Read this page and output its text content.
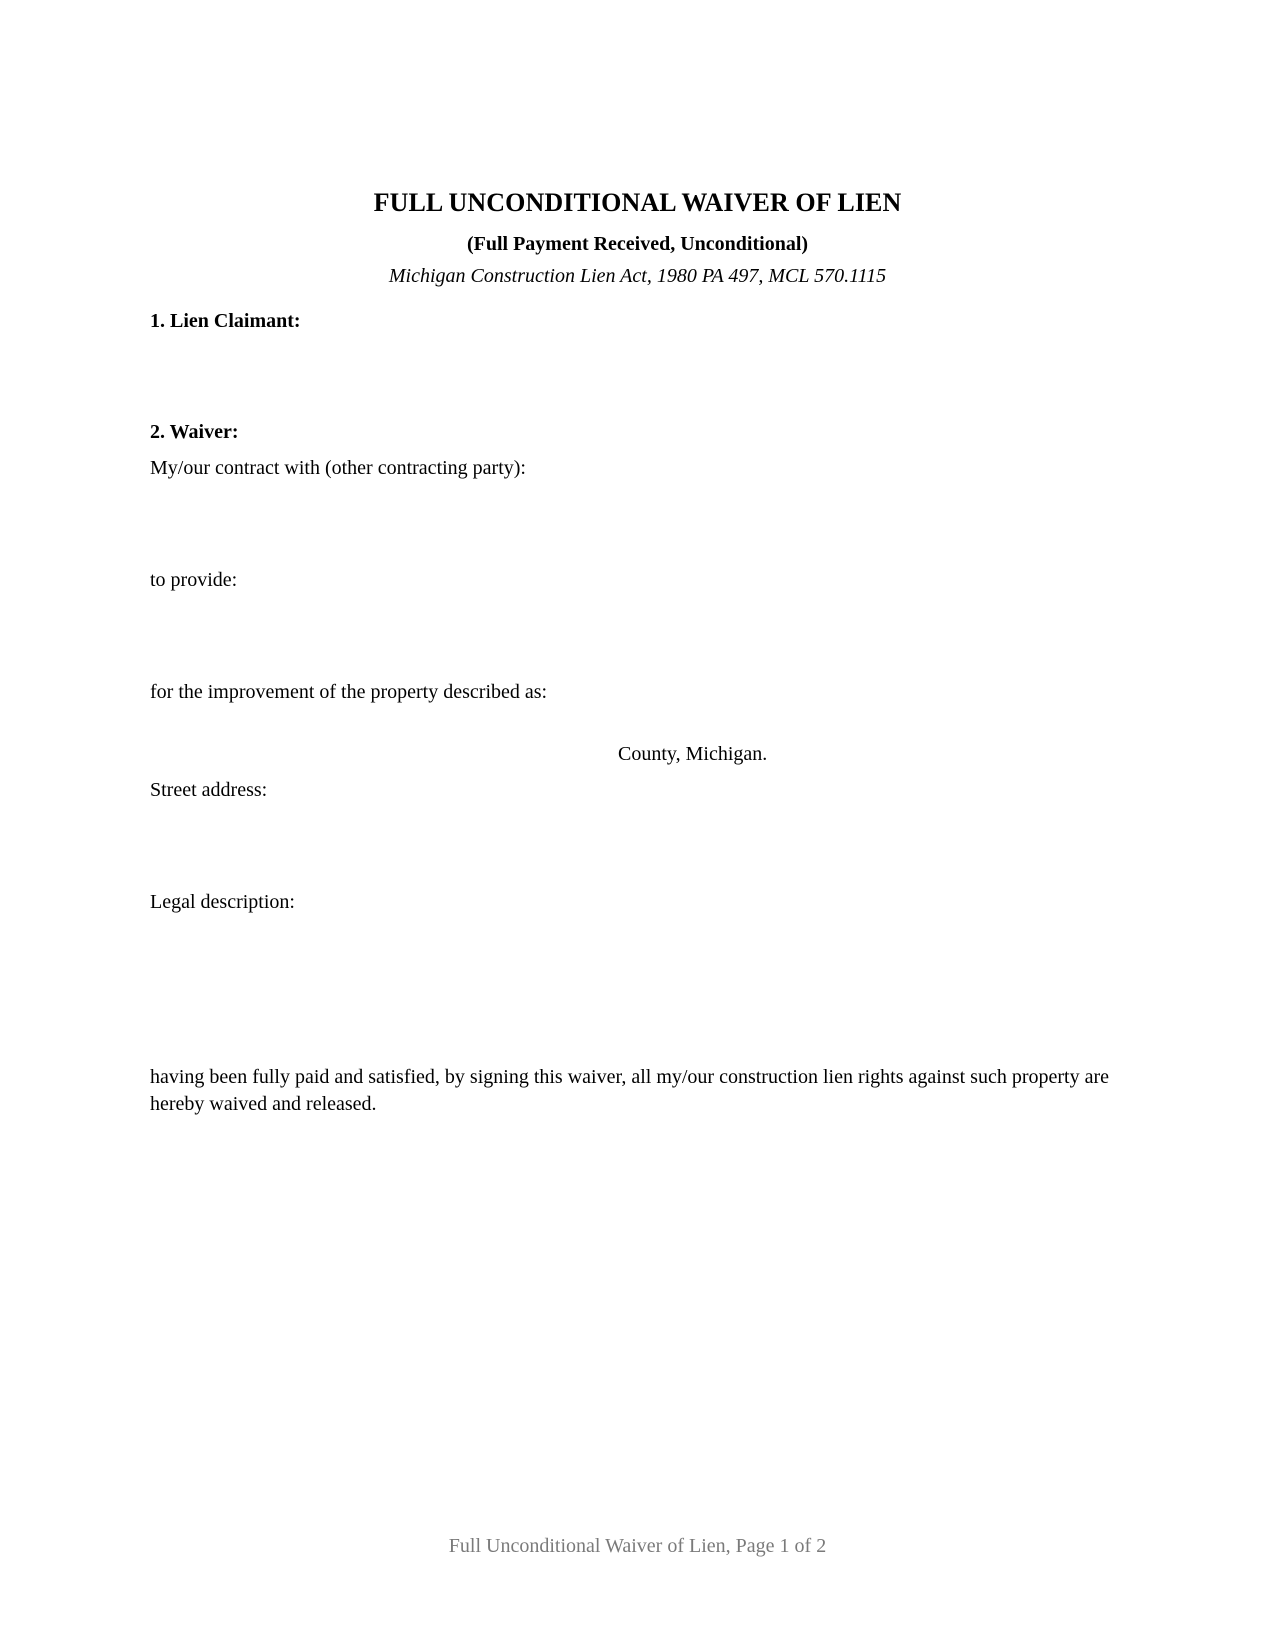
FULL UNCONDITIONAL WAIVER OF LIEN
(Full Payment Received, Unconditional)
Michigan Construction Lien Act, 1980 PA 497, MCL 570.1115
1. Lien Claimant:
2. Waiver:
My/our contract with (other contracting party):
to provide:
for the improvement of the property described as:
County, Michigan.
Street address:
Legal description:

having been fully paid and satisfied, by signing this waiver, all my/our construction lien rights against such property are hereby waived and released.

Full Unconditional Waiver of Lien, Page 1 of 2
